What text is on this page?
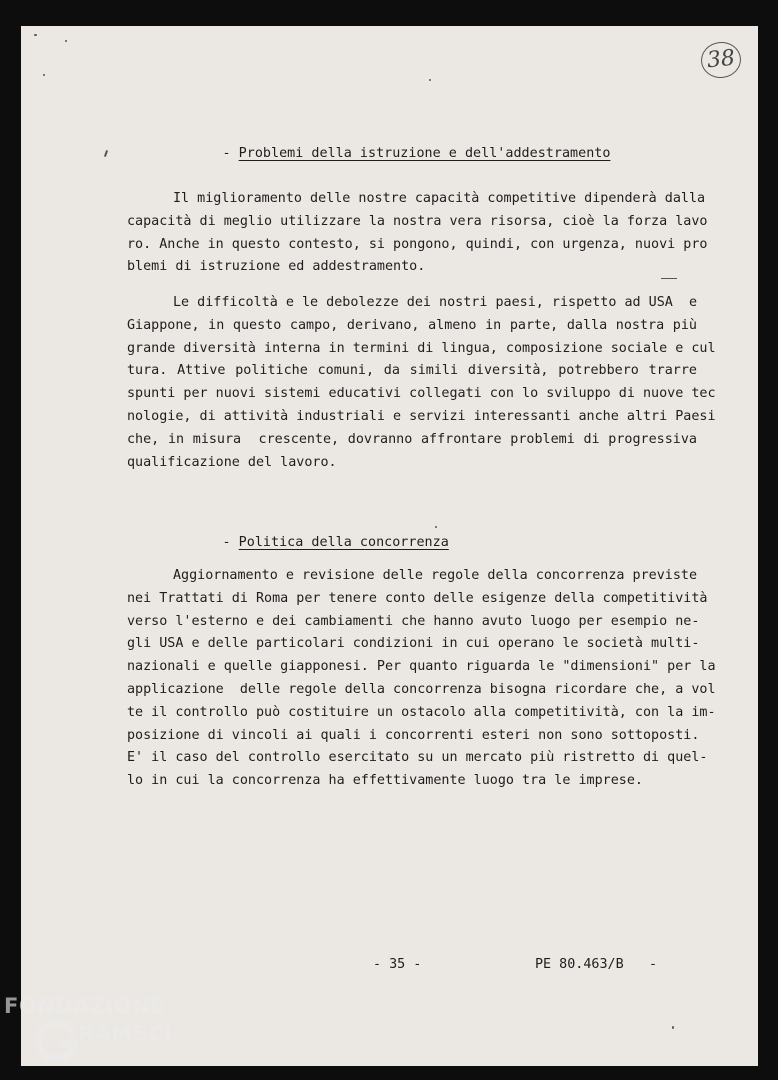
38

- Problemi della istruzione e dell'addestramento

Il miglioramento delle nostre capacità competitive dipenderà dalla
capacità di meglio utilizzare la nostra vera risorsa, cioè la forza lavo
ro. Anche in questo contesto, si pongono, quindi, con urgenza, nuovi pro
blemi di istruzione ed addestramento.

Le difficoltà e le debolezze dei nostri paesi, rispetto ad USA  e
Giappone, in questo campo, derivano, almeno in parte, dalla nostra più
grande diversità interna in termini di lingua, composizione sociale e cul
tura. Attive politiche comuni, da simili diversità, potrebbero trarre
spunti per nuovi sistemi educativi collegati con lo sviluppo di nuove tec
nologie, di attività industriali e servizi interessanti anche altri Paesi
che, in misura  crescente, dovranno affrontare problemi di progressiva
qualificazione del lavoro.

- Politica della concorrenza

Aggiornamento e revisione delle regole della concorrenza previste
nei Trattati di Roma per tenere conto delle esigenze della competitività
verso l'esterno e dei cambiamenti che hanno avuto luogo per esempio ne-
gli USA e delle particolari condizioni in cui operano le società multi-
nazionali e quelle giapponesi. Per quanto riguarda le "dimensioni" per la
applicazione  delle regole della concorrenza bisogna ricordare che, a vol
te il controllo può costituire un ostacolo alla competitività, con la im-
posizione di vincoli ai quali i concorrenti esteri non sono sottoposti.
E' il caso del controllo esercitato su un mercato più ristretto di quel-
lo in cui la concorrenza ha effettivamente luogo tra le imprese.

- 35 -	PE 80.463/B -
FONDAZIONE
RAMSCI
onlus
